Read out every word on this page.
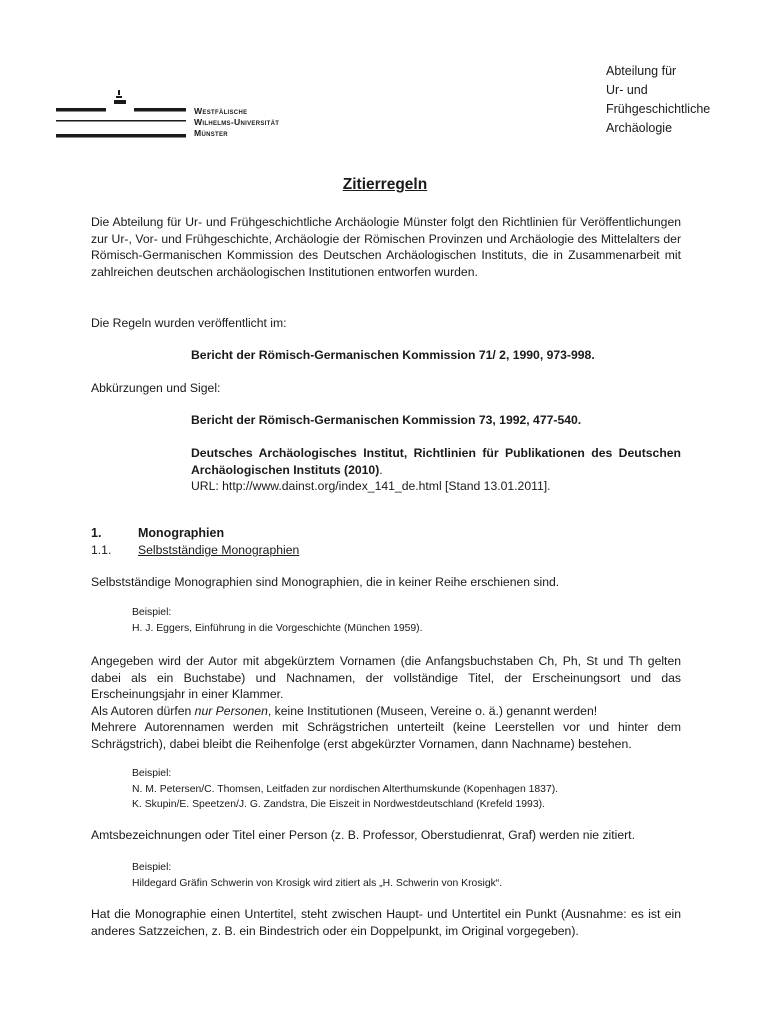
Westfälische
Wilhelms-Universität
Münster
Abteilung für
Ur- und
Frühgeschichtliche
Archäologie
Zitierregeln
Die Abteilung für Ur- und Frühgeschichtliche Archäologie Münster folgt den Richtlinien für Veröffentlichungen zur Ur-, Vor- und Frühgeschichte, Archäologie der Römischen Provinzen und Archäologie des Mittelalters der Römisch-Germanischen Kommission des Deutschen Archäologischen Instituts, die in Zusammenarbeit mit zahlreichen deutschen archäologischen Institutionen entworfen wurden.
Die Regeln wurden veröffentlicht im:
Bericht der Römisch-Germanischen Kommission 71/ 2, 1990, 973-998.
Abkürzungen und Sigel:
Bericht der Römisch-Germanischen Kommission 73, 1992, 477-540.
Deutsches Archäologisches Institut, Richtlinien für Publikationen des Deutschen Archäologischen Instituts (2010).
URL: http://www.dainst.org/index_141_de.html [Stand 13.01.2011].
1.	Monographien
1.1. Selbstständige Monographien
Selbstständige Monographien sind Monographien, die in keiner Reihe erschienen sind.
Beispiel:
H. J. Eggers, Einführung in die Vorgeschichte (München 1959).
Angegeben wird der Autor mit abgekürztem Vornamen (die Anfangsbuchstaben Ch, Ph, St und Th gelten dabei als ein Buchstabe) und Nachnamen, der vollständige Titel, der Erscheinungsort und das Erscheinungsjahr in einer Klammer.
Als Autoren dürfen nur Personen, keine Institutionen (Museen, Vereine o. ä.) genannt werden!
Mehrere Autorennamen werden mit Schrägstrichen unterteilt (keine Leerstellen vor und hinter dem Schrägstrich), dabei bleibt die Reihenfolge (erst abgekürzter Vornamen, dann Nachname) bestehen.
Beispiel:
N. M. Petersen/C. Thomsen, Leitfaden zur nordischen Alterthumskunde (Kopenhagen 1837).
K. Skupin/E. Speetzen/J. G. Zandstra, Die Eiszeit in Nordwestdeutschland (Krefeld 1993).
Amtsbezeichnungen oder Titel einer Person (z. B. Professor, Oberstudienrat, Graf) werden nie zitiert.
Beispiel:
Hildegard Gräfin Schwerin von Krosigk wird zitiert als „H. Schwerin von Krosigk“.
Hat die Monographie einen Untertitel, steht zwischen Haupt- und Untertitel ein Punkt (Ausnahme: es ist ein anderes Satzzeichen, z. B. ein Bindestrich oder ein Doppelpunkt, im Original vorgegeben).
